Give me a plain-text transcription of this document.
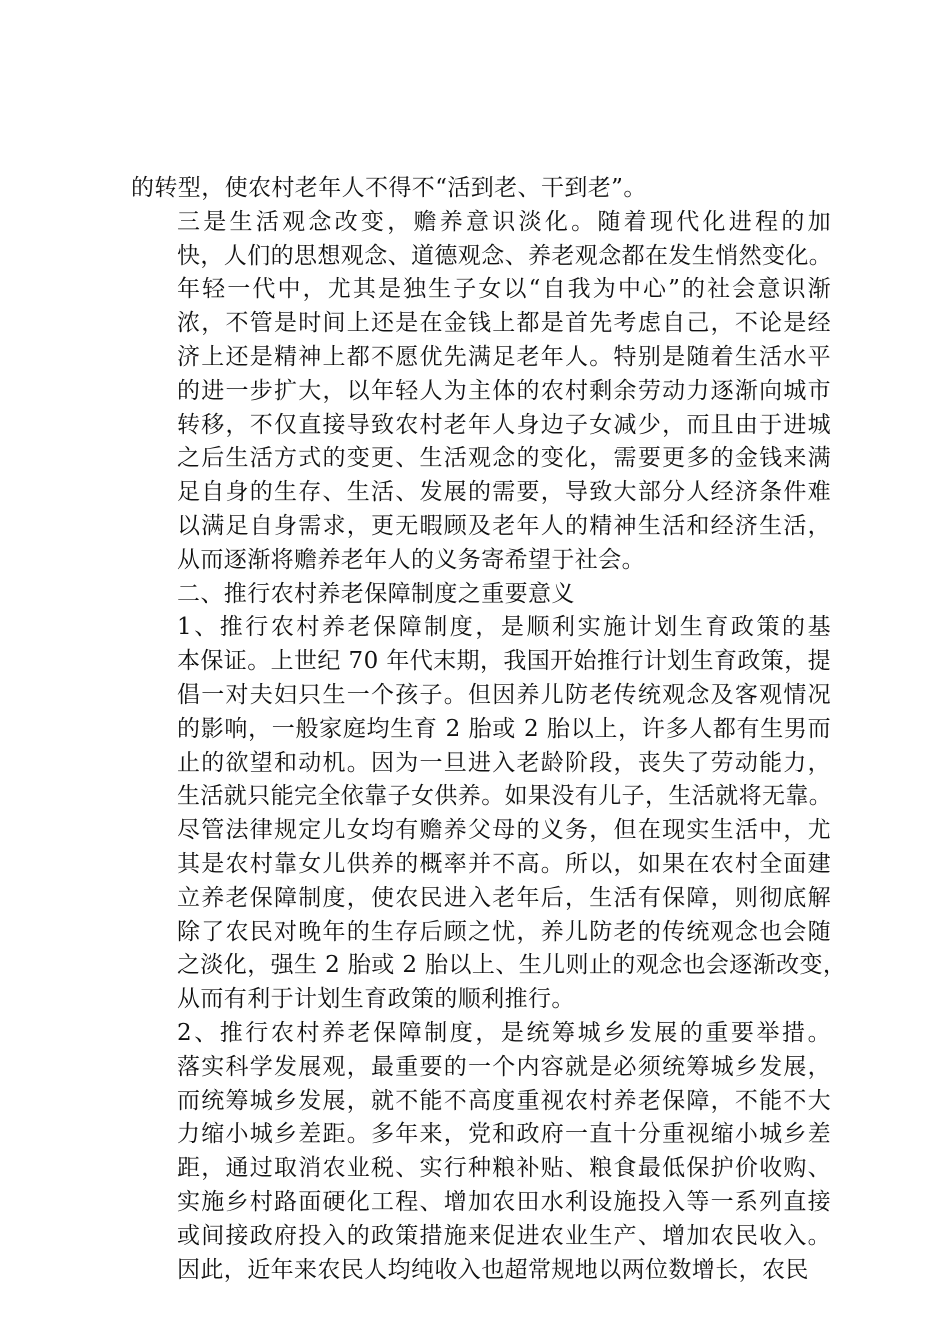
的转型，使农村老年人不得不“活到老、干到老”。

三是生活观念改变，赡养意识淡化。随着现代化进程的加
快，人们的思想观念、道德观念、养老观念都在发生悄然变化。
年轻一代中，尤其是独生子女以“自我为中心”的社会意识渐
浓，不管是时间上还是在金钱上都是首先考虑自己，不论是经
济上还是精神上都不愿优先满足老年人。特别是随着生活水平
的进一步扩大，以年轻人为主体的农村剩余劳动力逐渐向城市
转移，不仅直接导致农村老年人身边子女减少，而且由于进城
之后生活方式的变更、生活观念的变化，需要更多的金钱来满
足自身的生存、生活、发展的需要，导致大部分人经济条件难
以满足自身需求，更无暇顾及老年人的精神生活和经济生活，
从而逐渐将赡养老年人的义务寄希望于社会。

二、推行农村养老保障制度之重要意义

1、推行农村养老保障制度，是顺利实施计划生育政策的基
本保证。上世纪 70 年代末期，我国开始推行计划生育政策，提
倡一对夫妇只生一个孩子。但因养儿防老传统观念及客观情况
的影响，一般家庭均生育 2 胎或 2 胎以上，许多人都有生男而
止的欲望和动机。因为一旦进入老龄阶段，丧失了劳动能力，
生活就只能完全依靠子女供养。如果没有儿子，生活就将无靠。
尽管法律规定儿女均有赡养父母的义务，但在现实生活中，尤
其是农村靠女儿供养的概率并不高。所以，如果在农村全面建
立养老保障制度，使农民进入老年后，生活有保障，则彻底解
除了农民对晚年的生存后顾之忧，养儿防老的传统观念也会随
之淡化，强生 2 胎或 2 胎以上、生儿则止的观念也会逐渐改变，
从而有利于计划生育政策的顺利推行。

2、推行农村养老保障制度，是统筹城乡发展的重要举措。
落实科学发展观，最重要的一个内容就是必须统筹城乡发展，
而统筹城乡发展，就不能不高度重视农村养老保障，不能不大
力缩小城乡差距。多年来，党和政府一直十分重视缩小城乡差
距，通过取消农业税、实行种粮补贴、粮食最低保护价收购、
实施乡村路面硬化工程、增加农田水利设施投入等一系列直接
或间接政府投入的政策措施来促进农业生产、增加农民收入。
因此，近年来农民人均纯收入也超常规地以两位数增长，农民
